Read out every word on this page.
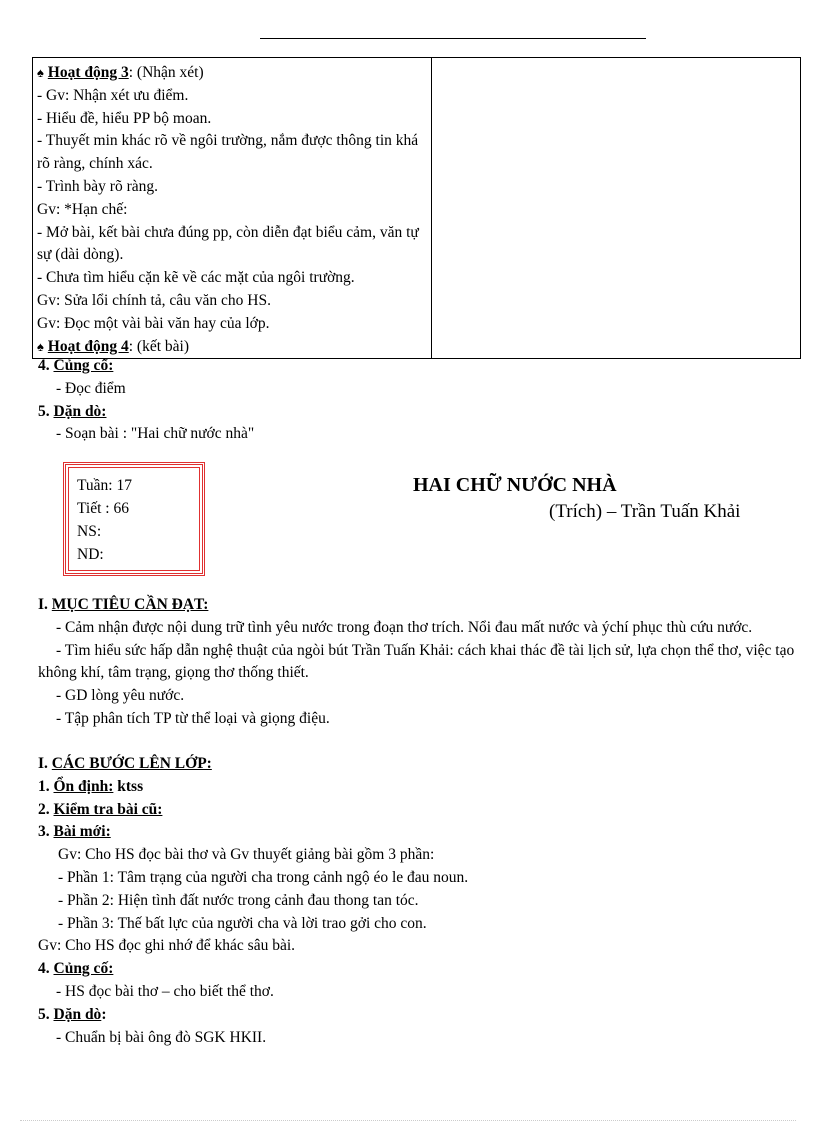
♠ Hoạt động 3: (Nhận xét)
- Gv: Nhận xét ưu điểm.
- Hiểu đề, hiểu PP bộ moan.
- Thuyết min khác rõ về ngôi trường, nắm được thông tin khá rõ ràng, chính xác.
- Trình bày rõ ràng.
Gv: *Hạn chế:
- Mở bài, kết bài chưa đúng pp, còn diễn đạt biểu cảm, văn tự sự (dài dòng).
- Chưa tìm hiểu cặn kẽ về các mặt của ngôi trường.
Gv: Sửa lổi chính tả, câu văn cho HS.
Gv: Đọc một vài bài văn hay của lớp.
♠ Hoạt động 4: (kết bài)

4. Củng cố:
- Đọc điểm
5. Dặn dò:
- Soạn bài : "Hai chữ nước nhà"
Tuần: 17
Tiết : 66
NS:
ND:
HAI CHỮ NƯỚC NHÀ
(Trích) – Trần Tuấn Khải
I. MỤC TIÊU CẦN ĐẠT:
- Cảm nhận được nội dung trữ tình yêu nước trong đoạn thơ trích. Nổi đau mất nước và ýchí phục thù cứu nước.
- Tìm hiểu sức hấp dẫn nghệ thuật của ngòi bút Trần Tuấn Khải: cách khai thác đề tài lịch sử, lựa chọn thể thơ, việc tạo không khí, tâm trạng, giọng thơ thống thiết.
- GD lòng yêu nước.
- Tập phân tích TP từ thể loại và giọng điệu.
I. CÁC BƯỚC LÊN LỚP:
1. Ổn định: ktss
2. Kiểm tra bài cũ:
3. Bài mới:
Gv: Cho HS đọc bài thơ và Gv thuyết giảng bài gồm 3 phần:
- Phần 1: Tâm trạng của người cha trong cảnh ngộ éo le đau noun.
- Phần 2: Hiện tình đất nước trong cảnh đau thong tan tóc.
- Phần 3: Thế bất lực của người cha và lời trao gởi cho con.
Gv: Cho HS đọc ghi nhớ để khác sâu bài.
4. Củng cố:
- HS đọc bài thơ – cho biết thể thơ.
5. Dặn dò:
- Chuẩn bị bài ông đò SGK HKII.
